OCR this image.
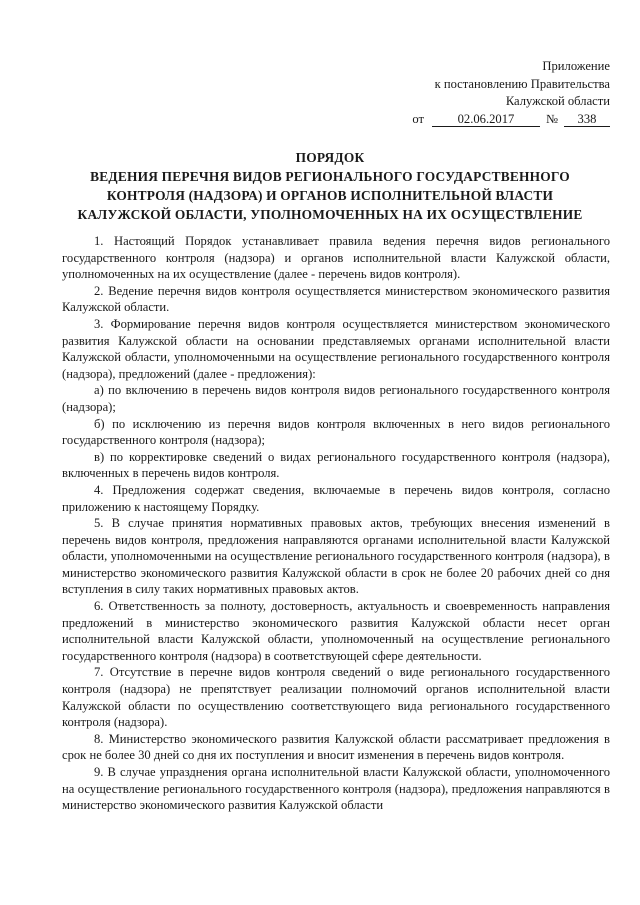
Приложение
к постановлению Правительства
Калужской области
от	02.06.2017	№	338
ПОРЯДОК
ВЕДЕНИЯ ПЕРЕЧНЯ ВИДОВ РЕГИОНАЛЬНОГО ГОСУДАРСТВЕННОГО
КОНТРОЛЯ (НАДЗОРА) И ОРГАНОВ ИСПОЛНИТЕЛЬНОЙ ВЛАСТИ
КАЛУЖСКОЙ ОБЛАСТИ, УПОЛНОМОЧЕННЫХ НА ИХ ОСУЩЕСТВЛЕНИЕ

1. Настоящий Порядок устанавливает правила ведения перечня видов регионального государственного контроля (надзора) и органов исполнительной власти Калужской области, уполномоченных на их осуществление (далее - перечень видов контроля).

2. Ведение перечня видов контроля осуществляется министерством экономического развития Калужской области.

3. Формирование перечня видов контроля осуществляется министерством экономического развития Калужской области на основании представляемых органами исполнительной власти Калужской области, уполномоченными на осуществление регионального государственного контроля (надзора), предложений (далее - предложения):

а) по включению в перечень видов контроля видов регионального государственного контроля (надзора);

б) по исключению из перечня видов контроля включенных в него видов регионального государственного контроля (надзора);

в) по корректировке сведений о видах регионального государственного контроля (надзора), включенных в перечень видов контроля.

4. Предложения содержат сведения, включаемые в перечень видов контроля, согласно приложению к настоящему Порядку.

5. В случае принятия нормативных правовых актов, требующих внесения изменений в перечень видов контроля, предложения направляются органами исполнительной власти Калужской области, уполномоченными на осуществление регионального государственного контроля (надзора), в министерство экономического развития Калужской области в срок не более 20 рабочих дней со дня вступления в силу таких нормативных правовых актов.

6. Ответственность за полноту, достоверность, актуальность и своевременность направления предложений в министерство экономического развития Калужской области несет орган исполнительной власти Калужской области, уполномоченный на осуществление регионального государственного контроля (надзора) в соответствующей сфере деятельности.

7. Отсутствие в перечне видов контроля сведений о виде регионального государственного контроля (надзора) не препятствует реализации полномочий органов исполнительной власти Калужской области по осуществлению соответствующего вида регионального государственного контроля (надзора).

8. Министерство экономического развития Калужской области рассматривает предложения в срок не более 30 дней со дня их поступления и вносит изменения в перечень видов контроля.

9. В случае упразднения органа исполнительной власти Калужской области, уполномоченного на осуществление регионального государственного контроля (надзора), предложения направляются в министерство экономического развития Калужской области
